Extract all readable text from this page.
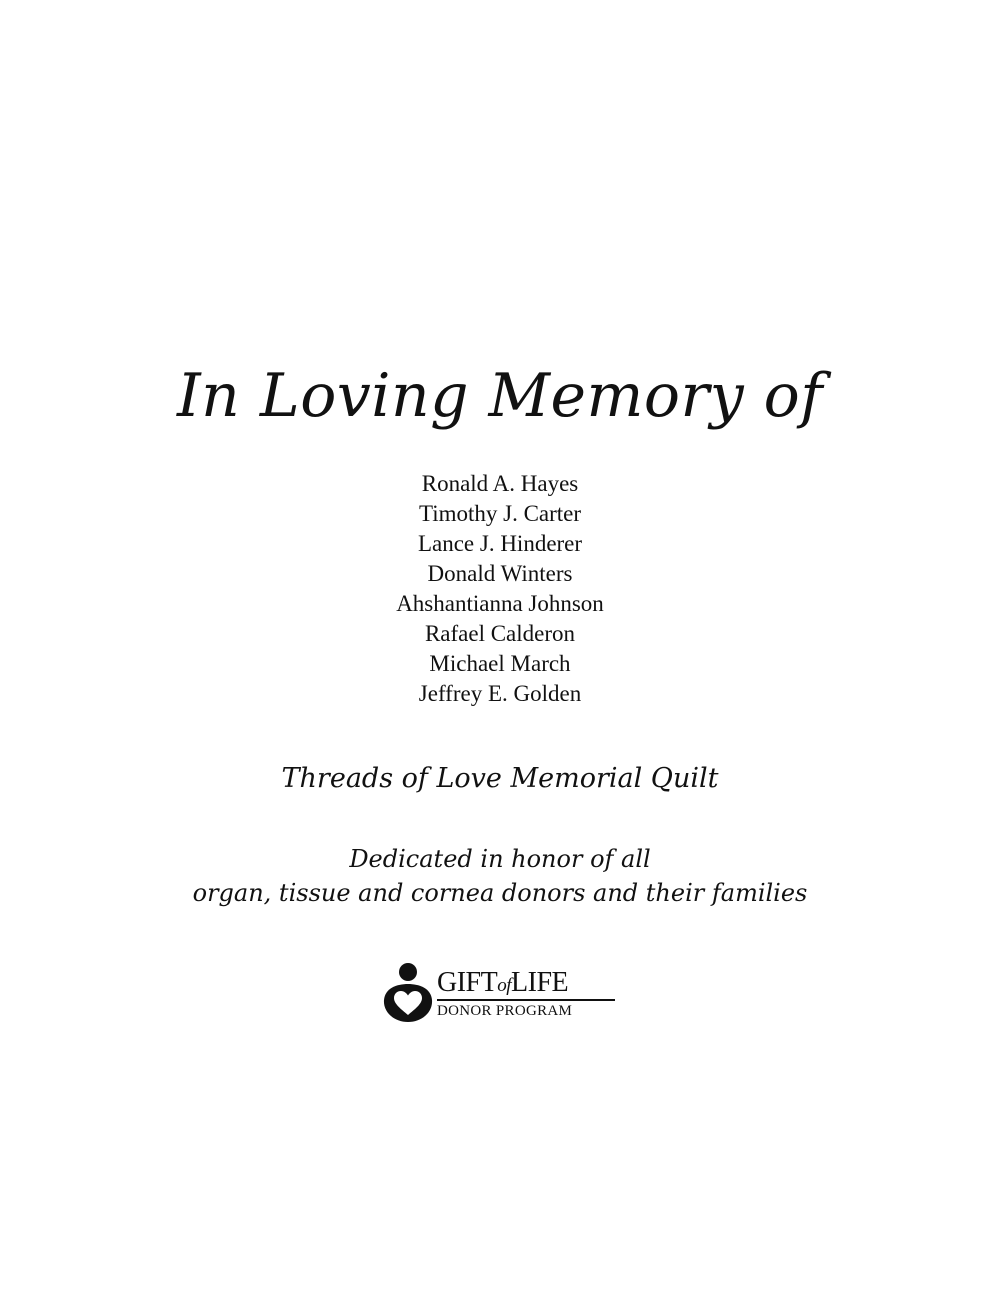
In Loving Memory of
Ronald A. Hayes
Timothy J. Carter
Lance J. Hinderer
Donald Winters
Ahshantianna Johnson
Rafael Calderon
Michael March
Jeffrey E. Golden
Threads of Love Memorial Quilt
Dedicated in honor of all
organ, tissue and cornea donors and their families
GIFTofLIFE
DONOR PROGRAM
